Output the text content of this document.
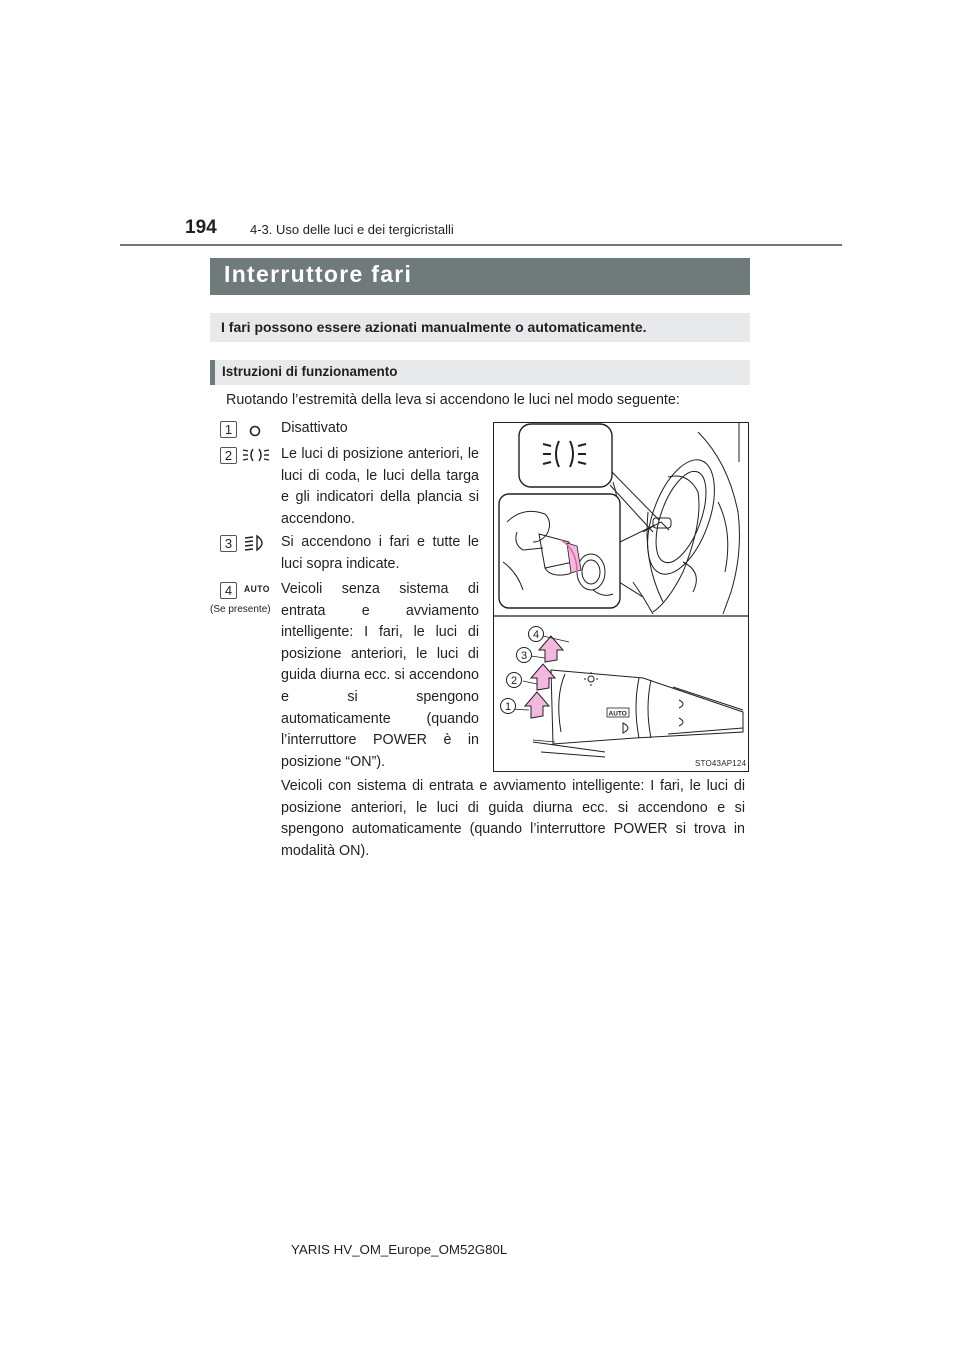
194	4-3. Uso delle luci e dei tergicristalli
Interruttore fari
I fari possono essere azionati manualmente o automaticamente.
Istruzioni di funzionamento
Ruotando l’estremità della leva si accendono le luci nel modo seguente:
1	Disattivato
2	Le luci di posizione anteriori, le luci di coda, le luci della targa e gli indicatori della plancia si accendono.
3	Si accendono i fari e tutte le luci sopra indicate.
4	AUTO
(Se presente)
Veicoli senza sistema di entrata e avviamento intelligente: I fari, le luci di posizione anteriori, le luci di guida diurna ecc. si accendono e si spengono automaticamente (quando l’interruttore POWER è in posizione “ON”).
AUTO
1
2
3
4
STO43AP124
Veicoli con sistema di entrata e avviamento intelligente: I fari, le luci di posizione anteriori, le luci di guida diurna ecc. si accendono e si spengono automaticamente (quando l’interruttore POWER si trova in modalità ON).
YARIS HV_OM_Europe_OM52G80L
